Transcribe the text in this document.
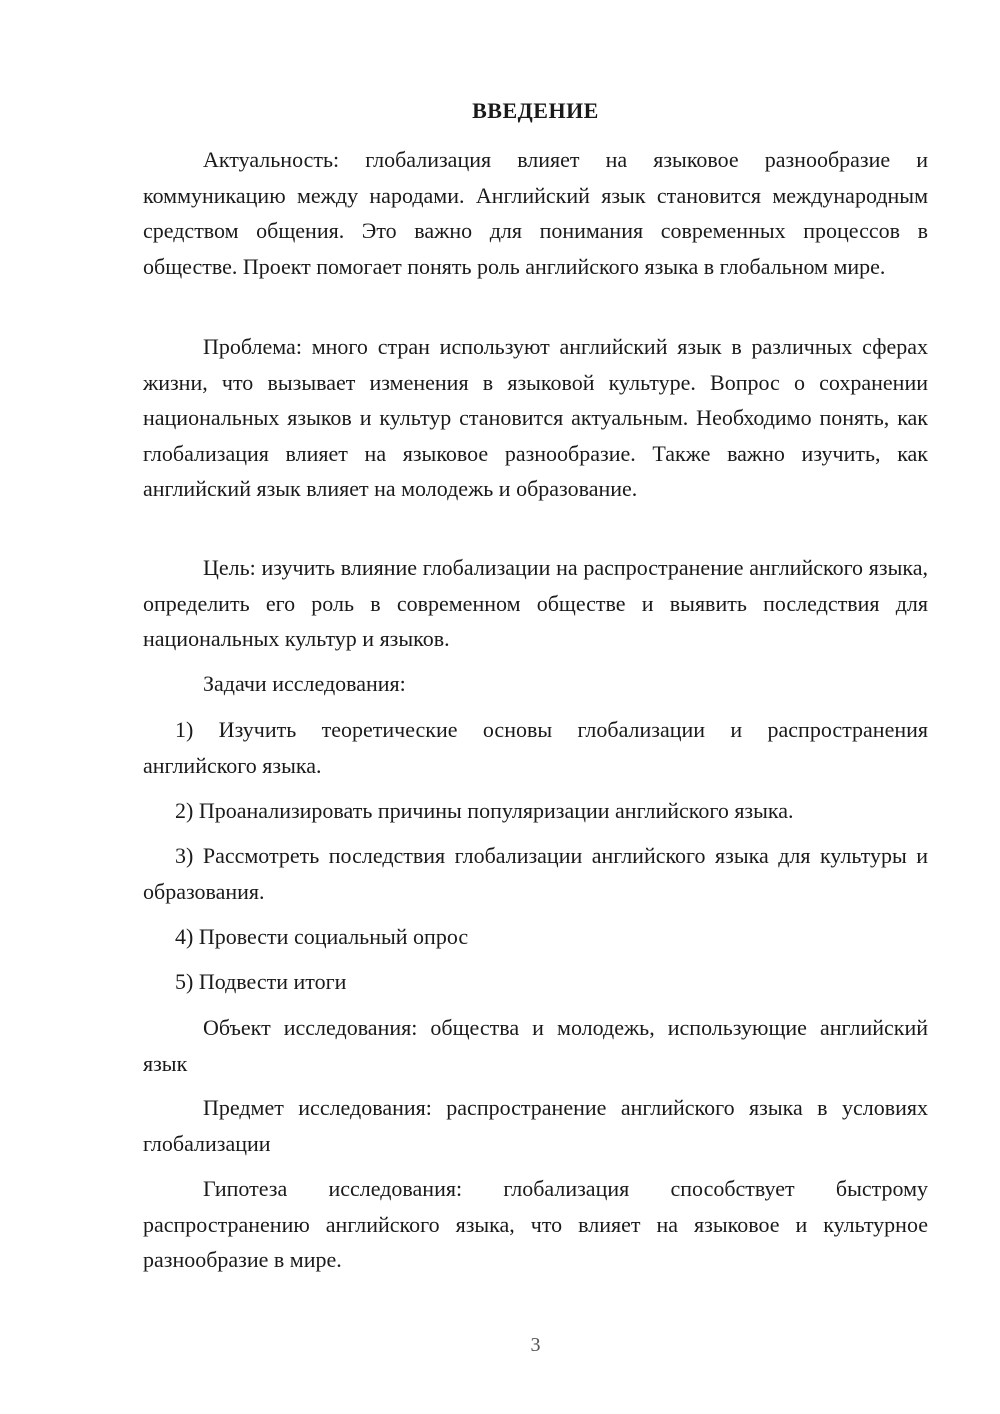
ВВЕДЕНИЕ

Актуальность: глобализация влияет на языковое разнообразие и коммуникацию между народами. Английский язык становится международным средством общения. Это важно для понимания современных процессов в обществе. Проект помогает понять роль английского языка в глобальном мире.

Проблема: много стран используют английский язык в различных сферах жизни, что вызывает изменения в языковой культуре. Вопрос о сохранении национальных языков и культур становится актуальным. Необходимо понять, как глобализация влияет на языковое разнообразие. Также важно изучить, как английский язык влияет на молодежь и образование.

Цель: изучить влияние глобализации на распространение английского языка, определить его роль в современном обществе и выявить последствия для национальных культур и языков.

Задачи исследования:

1) Изучить теоретические основы глобализации и распространения английского языка.

2) Проанализировать причины популяризации английского языка.

3) Рассмотреть последствия глобализации английского языка для культуры и образования.

4) Провести социальный опрос

5) Подвести итоги

Объект исследования: общества и молодежь, использующие английский язык

Предмет исследования: распространение английского языка в условиях глобализации

Гипотеза исследования: глобализация способствует быстрому распространению английского языка, что влияет на языковое и культурное разнообразие в мире.

3
